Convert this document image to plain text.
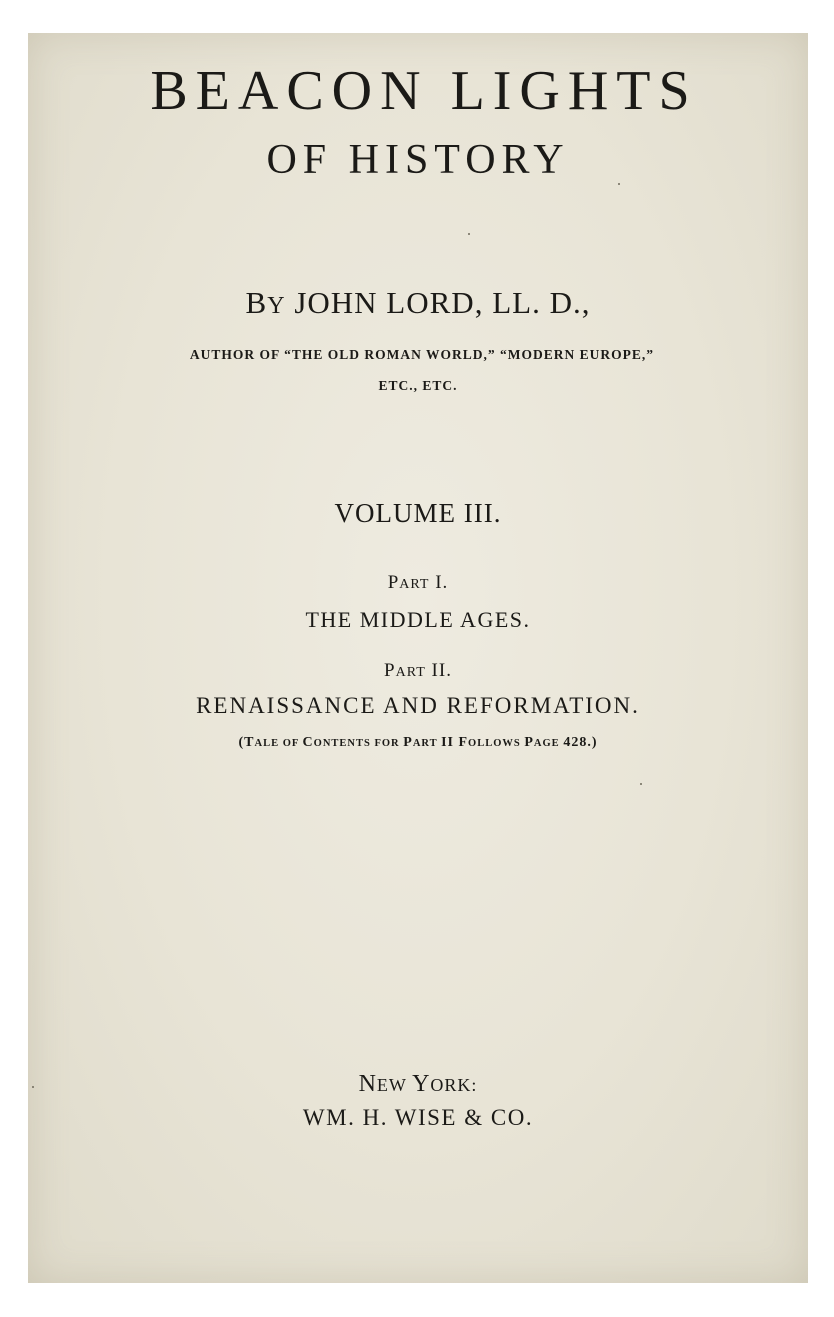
BEACON LIGHTS
OF HISTORY
BY JOHN LORD, LL. D.,
AUTHOR OF “THE OLD ROMAN WORLD,” “MODERN EUROPE,”
ETC., ETC.
VOLUME III.
PART I.
THE MIDDLE AGES.
PART II.
RENAISSANCE AND REFORMATION.
(TALE OF CONTENTS FOR PART II FOLLOWS PAGE 428.)
NEW YORK:
WM. H. WISE & CO.
